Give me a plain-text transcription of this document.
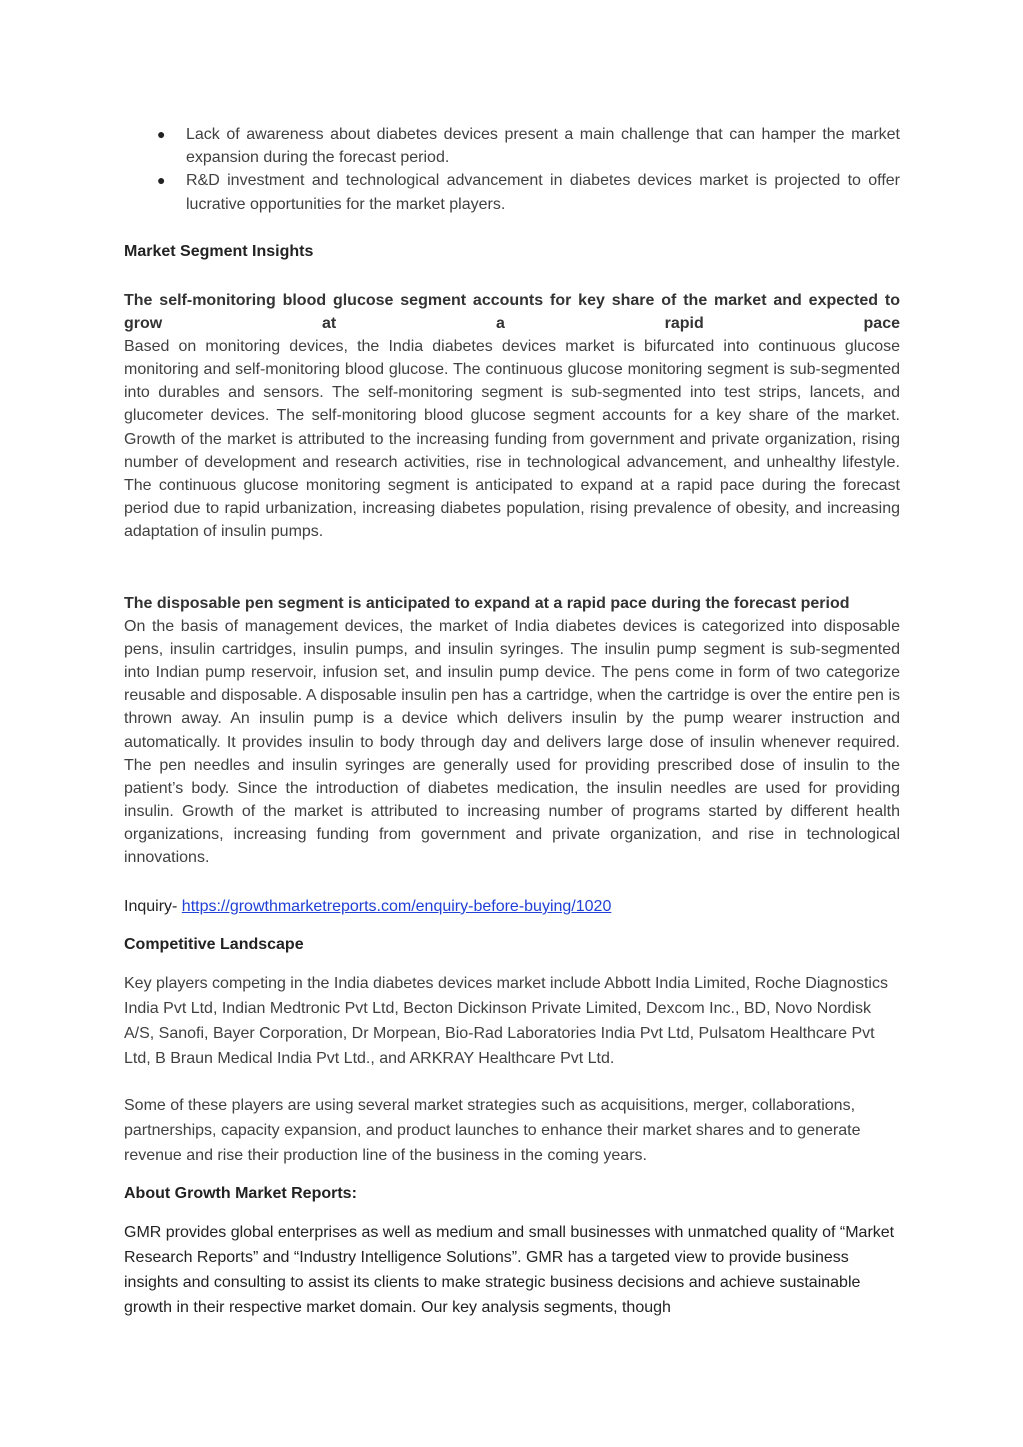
● Lack of awareness about diabetes devices present a main challenge that can hamper the market expansion during the forecast period.
● R&D investment and technological advancement in diabetes devices market is projected to offer lucrative opportunities for the market players.
Market Segment Insights
The self-monitoring blood glucose segment accounts for key share of the market and expected to grow at a rapid pace
Based on monitoring devices, the India diabetes devices market is bifurcated into continuous glucose monitoring and self-monitoring blood glucose. The continuous glucose monitoring segment is sub-segmented into durables and sensors. The self-monitoring segment is sub-segmented into test strips, lancets, and glucometer devices. The self-monitoring blood glucose segment accounts for a key share of the market. Growth of the market is attributed to the increasing funding from government and private organization, rising number of development and research activities, rise in technological advancement, and unhealthy lifestyle. The continuous glucose monitoring segment is anticipated to expand at a rapid pace during the forecast period due to rapid urbanization, increasing diabetes population, rising prevalence of obesity, and increasing adaptation of insulin pumps.
The disposable pen segment is anticipated to expand at a rapid pace during the forecast period
On the basis of management devices, the market of India diabetes devices is categorized into disposable pens, insulin cartridges, insulin pumps, and insulin syringes. The insulin pump segment is sub-segmented into Indian pump reservoir, infusion set, and insulin pump device. The pens come in form of two categorize reusable and disposable. A disposable insulin pen has a cartridge, when the cartridge is over the entire pen is thrown away. An insulin pump is a device which delivers insulin by the pump wearer instruction and automatically. It provides insulin to body through day and delivers large dose of insulin whenever required. The pen needles and insulin syringes are generally used for providing prescribed dose of insulin to the patient’s body. Since the introduction of diabetes medication, the insulin needles are used for providing insulin. Growth of the market is attributed to increasing number of programs started by different health organizations, increasing funding from government and private organization, and rise in technological innovations.
Inquiry- https://growthmarketreports.com/enquiry-before-buying/1020
Competitive Landscape
Key players competing in the India diabetes devices market include Abbott India Limited, Roche Diagnostics India Pvt Ltd, Indian Medtronic Pvt Ltd, Becton Dickinson Private Limited, Dexcom Inc., BD, Novo Nordisk A/S, Sanofi, Bayer Corporation, Dr Morpean, Bio-Rad Laboratories India Pvt Ltd, Pulsatom Healthcare Pvt Ltd, B Braun Medical India Pvt Ltd., and ARKRAY Healthcare Pvt Ltd.
Some of these players are using several market strategies such as acquisitions, merger, collaborations, partnerships, capacity expansion, and product launches to enhance their market shares and to generate revenue and rise their production line of the business in the coming years.
About Growth Market Reports:
GMR provides global enterprises as well as medium and small businesses with unmatched quality of “Market Research Reports” and “Industry Intelligence Solutions”. GMR has a targeted view to provide business insights and consulting to assist its clients to make strategic business decisions and achieve sustainable growth in their respective market domain. Our key analysis segments, though
